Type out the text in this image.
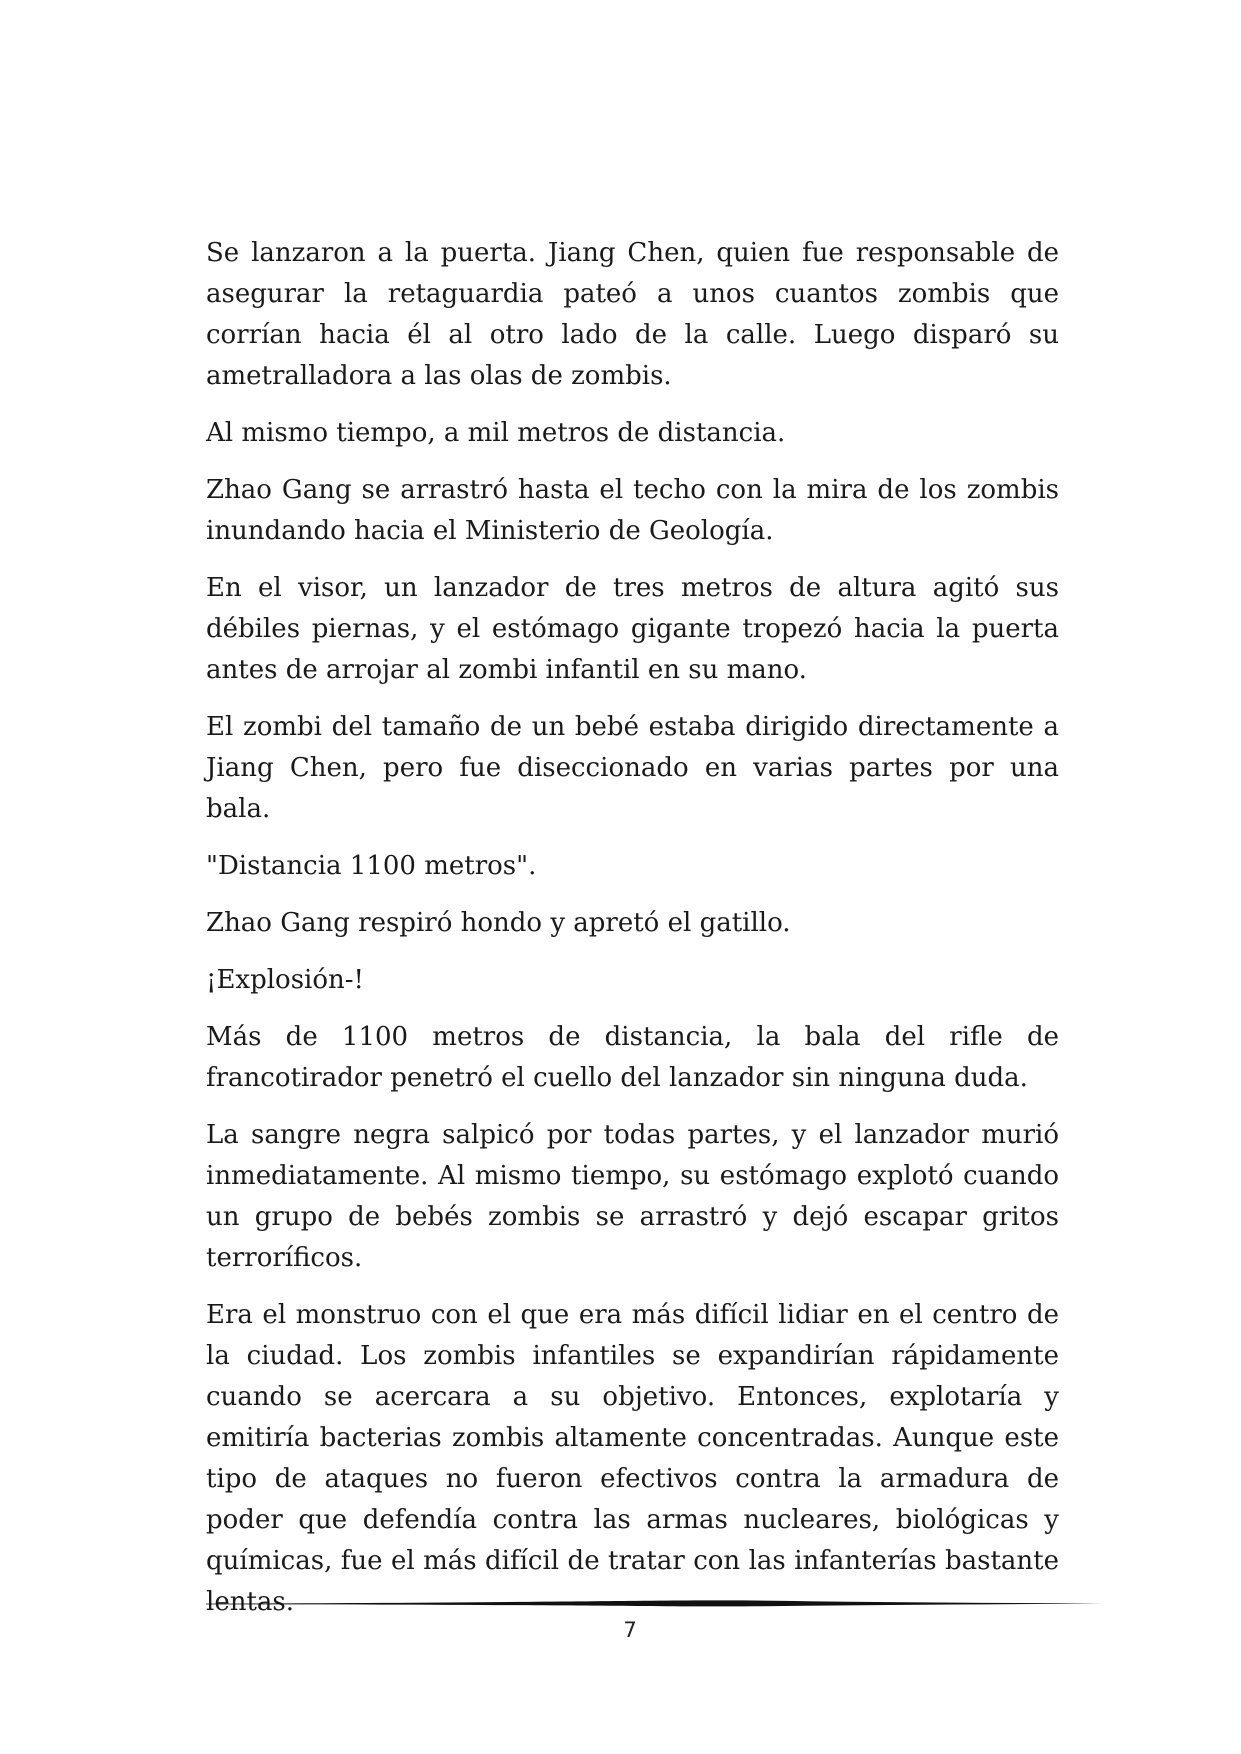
Se lanzaron a la puerta. Jiang Chen, quien fue responsable de asegurar la retaguardia pateó a unos cuantos zombis que corrían hacia él al otro lado de la calle. Luego disparó su ametralladora a las olas de zombis.

Al mismo tiempo, a mil metros de distancia.

Zhao Gang se arrastró hasta el techo con la mira de los zombis inundando hacia el Ministerio de Geología.

En el visor, un lanzador de tres metros de altura agitó sus débiles piernas, y el estómago gigante tropezó hacia la puerta antes de arrojar al zombi infantil en su mano.

El zombi del tamaño de un bebé estaba dirigido directamente a Jiang Chen, pero fue diseccionado en varias partes por una bala.

"Distancia 1100 metros".

Zhao Gang respiró hondo y apretó el gatillo.

¡Explosión-!

Más de 1100 metros de distancia, la bala del rifle de francotirador penetró el cuello del lanzador sin ninguna duda.

La sangre negra salpicó por todas partes, y el lanzador murió inmediatamente. Al mismo tiempo, su estómago explotó cuando un grupo de bebés zombis se arrastró y dejó escapar gritos terroríficos.

Era el monstruo con el que era más difícil lidiar en el centro de la ciudad. Los zombis infantiles se expandirían rápidamente cuando se acercara a su objetivo. Entonces, explotaría y emitiría bacterias zombis altamente concentradas. Aunque este tipo de ataques no fueron efectivos contra la armadura de poder que defendía contra las armas nucleares, biológicas y químicas, fue el más difícil de tratar con las infanterías bastante lentas.

7
